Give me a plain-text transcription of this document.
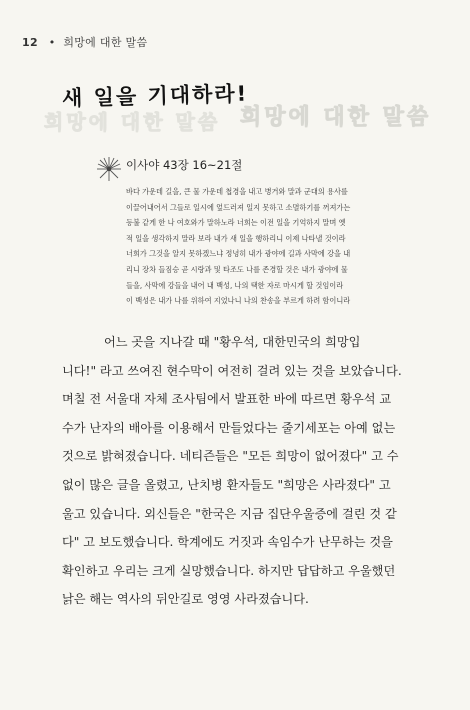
12 • 희망에 대한 말씀
희망에 대한 말씀 희망에 대한 말씀
새 일을 기대하라!
이사야 43장 16~21절
바다 가운데 길을, 큰 물 가운데 첩경을 내고 병거와 말과 군대의 용사를
이끌어내어서 그들로 일시에 엎드러져 일지 못하고 소멸하기를 꺼져가는
등불 같게 한 나 여호와가 말하노라 너희는 이전 일을 기억하지 말며 옛
적 일을 생각하지 말라 보라 내가 새 일을 행하리니 이제 나타낼 것이라
너희가 그것을 알지 못하겠느냐 정녕히 내가 광야에 길과 사막에 강을 내
리니 장차 들짐승 곧 시랑과 및 타조도 나를 존경할 것은 내가 광야에 물
들을, 사막에 강들을 내어 내 백성, 나의 택한 자로 마시게 할 것임이라
이 백성은 내가 나를 위하여 지었나니 나의 찬송을 부르게 하려 함이니라
어느 곳을 지나갈 때 "황우석, 대한민국의 희망입
니다!" 라고 쓰여진 현수막이 여전히 걸려 있는 것을 보았습니다.
며칠 전 서울대 자체 조사팀에서 발표한 바에 따르면 황우석 교
수가 난자의 배아를 이용해서 만들었다는 줄기세포는 아예 없는
것으로 밝혀졌습니다. 네티즌들은 "모든 희망이 없어졌다" 고 수
없이 많은 글을 올렸고, 난치병 환자들도 "희망은 사라졌다" 고
울고 있습니다. 외신들은 "한국은 지금 집단우울증에 걸린 것 같
다" 고 보도했습니다. 학계에도 거짓과 속임수가 난무하는 것을
확인하고 우리는 크게 실망했습니다. 하지만 답답하고 우울했던
낡은 해는 역사의 뒤안길로 영영 사라졌습니다.
